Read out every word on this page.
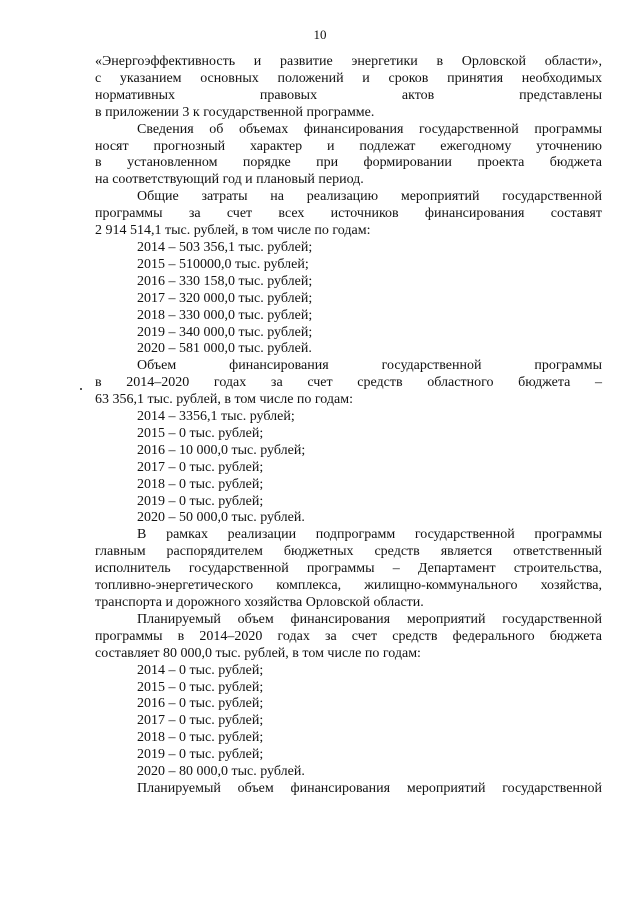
10

«Энергоэффективность и развитие энергетики в Орловской области»,

с указанием основных положений и сроков принятия необходимых

нормативных правовых актов представлены

в приложении 3 к государственной программе.

Сведения об объемах финансирования государственной программы

носят прогнозный характер и подлежат ежегодному уточнению

в установленном порядке при формировании проекта бюджета

на соответствующий год и плановый период.

Общие затраты на реализацию мероприятий государственной

программы за счет всех источников финансирования составят

2 914 514,1 тыс. рублей, в том числе по годам:

2014 – 503 356,1 тыс. рублей;

2015 – 510000,0 тыс. рублей;

2016 – 330 158,0 тыс. рублей;

2017 – 320 000,0 тыс. рублей;

2018 – 330 000,0 тыс. рублей;

2019 – 340 000,0 тыс. рублей;

2020 – 581 000,0 тыс. рублей.

Объем финансирования государственной программы

в 2014–2020 годах за счет средств областного бюджета –

63 356,1 тыс. рублей, в том числе по годам:

2014 – 3356,1 тыс. рублей;

2015 – 0 тыс. рублей;

2016 – 10 000,0 тыс. рублей;

2017 – 0 тыс. рублей;

2018 – 0 тыс. рублей;

2019 – 0 тыс. рублей;

2020 – 50 000,0 тыс. рублей.

В рамках реализации подпрограмм государственной программы

главным распорядителем бюджетных средств является ответственный

исполнитель государственной программы – Департамент строительства,

топливно-энергетического комплекса, жилищно-коммунального хозяйства,

транспорта и дорожного хозяйства Орловской области.

Планируемый объем финансирования мероприятий государственной

программы в 2014–2020 годах за счет средств федерального бюджета

составляет 80 000,0 тыс. рублей, в том числе по годам:

2014 – 0 тыс. рублей;

2015 – 0 тыс. рублей;

2016 – 0 тыс. рублей;

2017 – 0 тыс. рублей;

2018 – 0 тыс. рублей;

2019 – 0 тыс. рублей;

2020 – 80 000,0 тыс. рублей.

Планируемый объем финансирования мероприятий государственной
